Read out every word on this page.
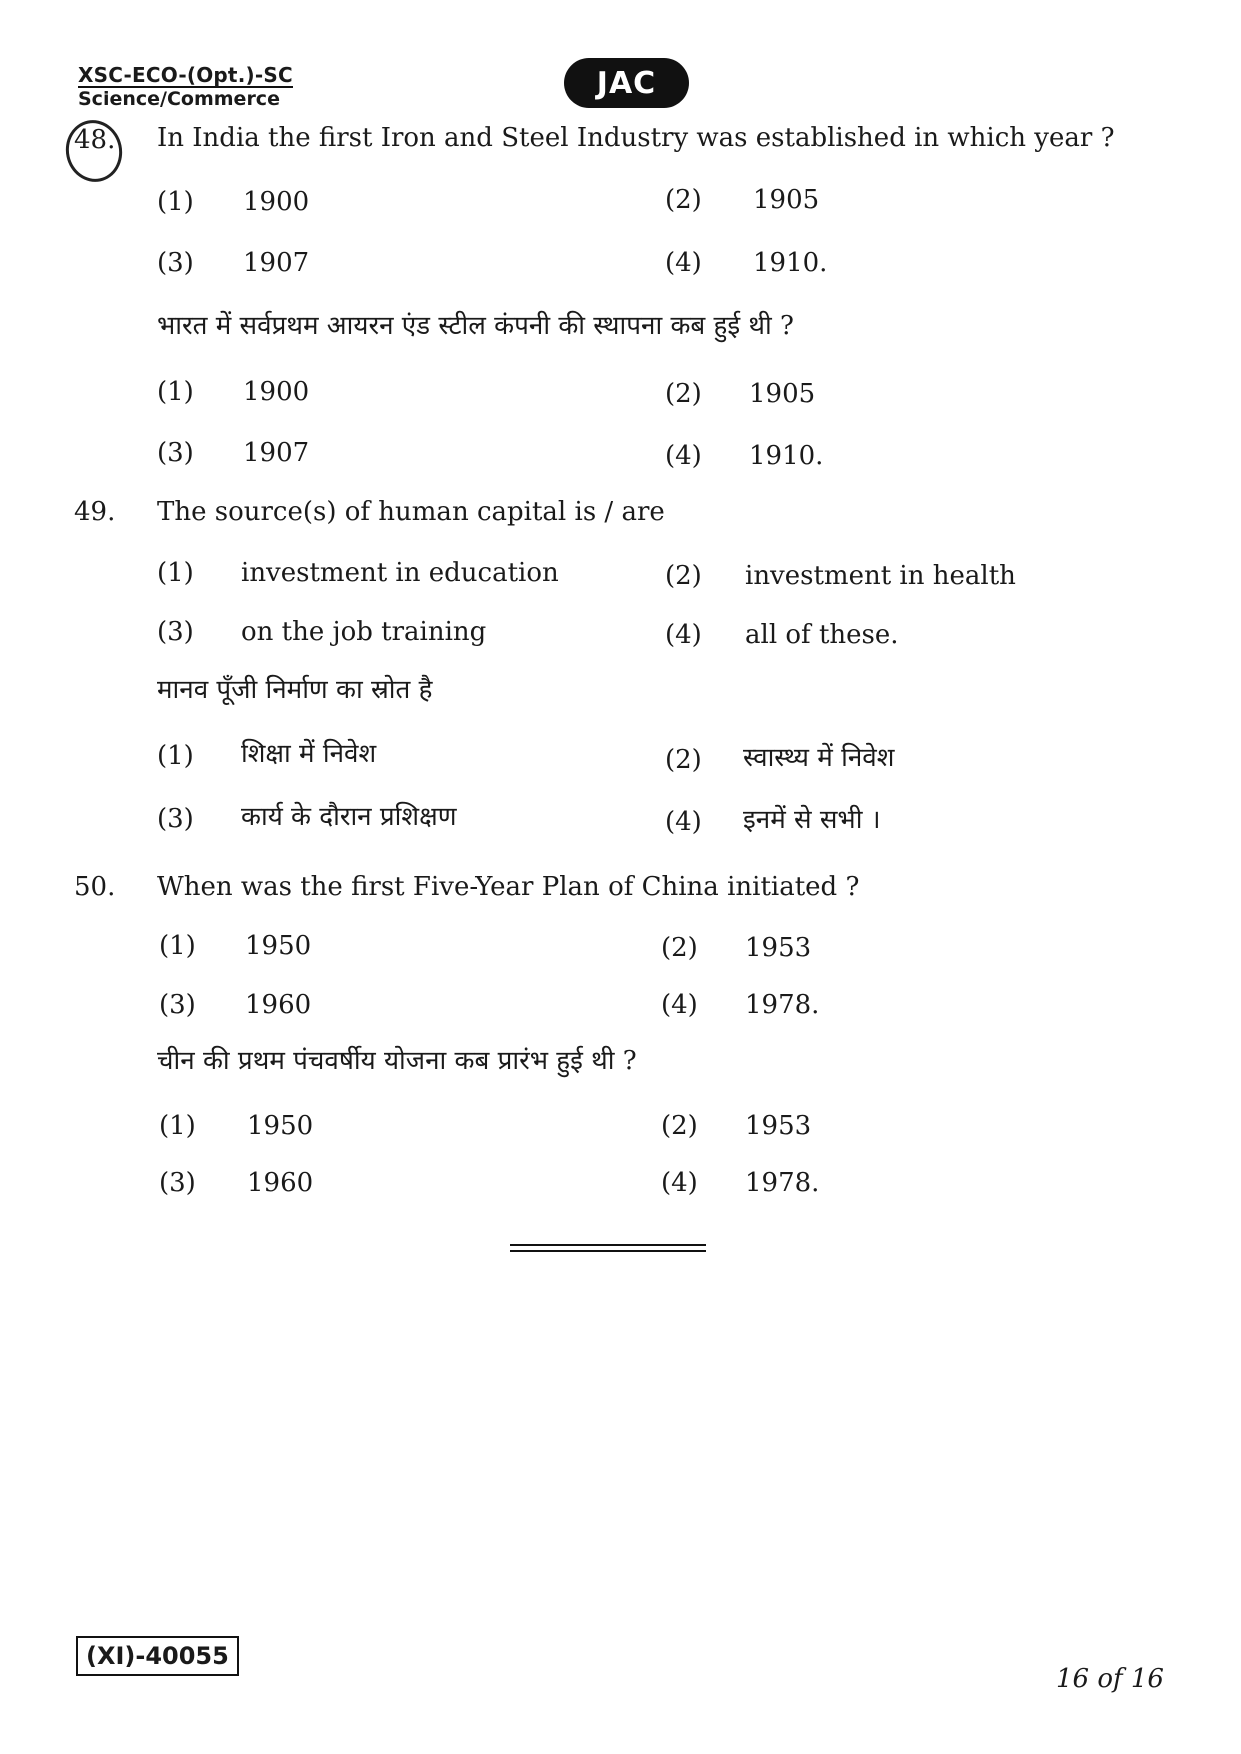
XSC-ECO-(Opt.)-SC
Science/Commerce	JAC
48. In India the first Iron and Steel Industry was established in which year ?
(1) 1900	(2) 1905
(3) 1907	(4) 1910.
भारत में सर्वप्रथम आयरन एंड स्टील कंपनी की स्थापना कब हुई थी ?
(1) 1900	(2) 1905
(3) 1907	(4) 1910.
49. The source(s) of human capital is / are
(1) investment in education	(2) investment in health
(3) on the job training	(4) all of these.
मानव पूँजी निर्माण का स्रोत है
(1) शिक्षा में निवेश	(2) स्वास्थ्य में निवेश
(3) कार्य के दौरान प्रशिक्षण	(4) इनमें से सभी ।
50. When was the first Five-Year Plan of China initiated ?
(1) 1950	(2) 1953
(3) 1960	(4) 1978.
चीन की प्रथम पंचवर्षीय योजना कब प्रारंभ हुई थी ?
(1) 1950	(2) 1953
(3) 1960	(4) 1978.
(XI)-40055
16 of 16
